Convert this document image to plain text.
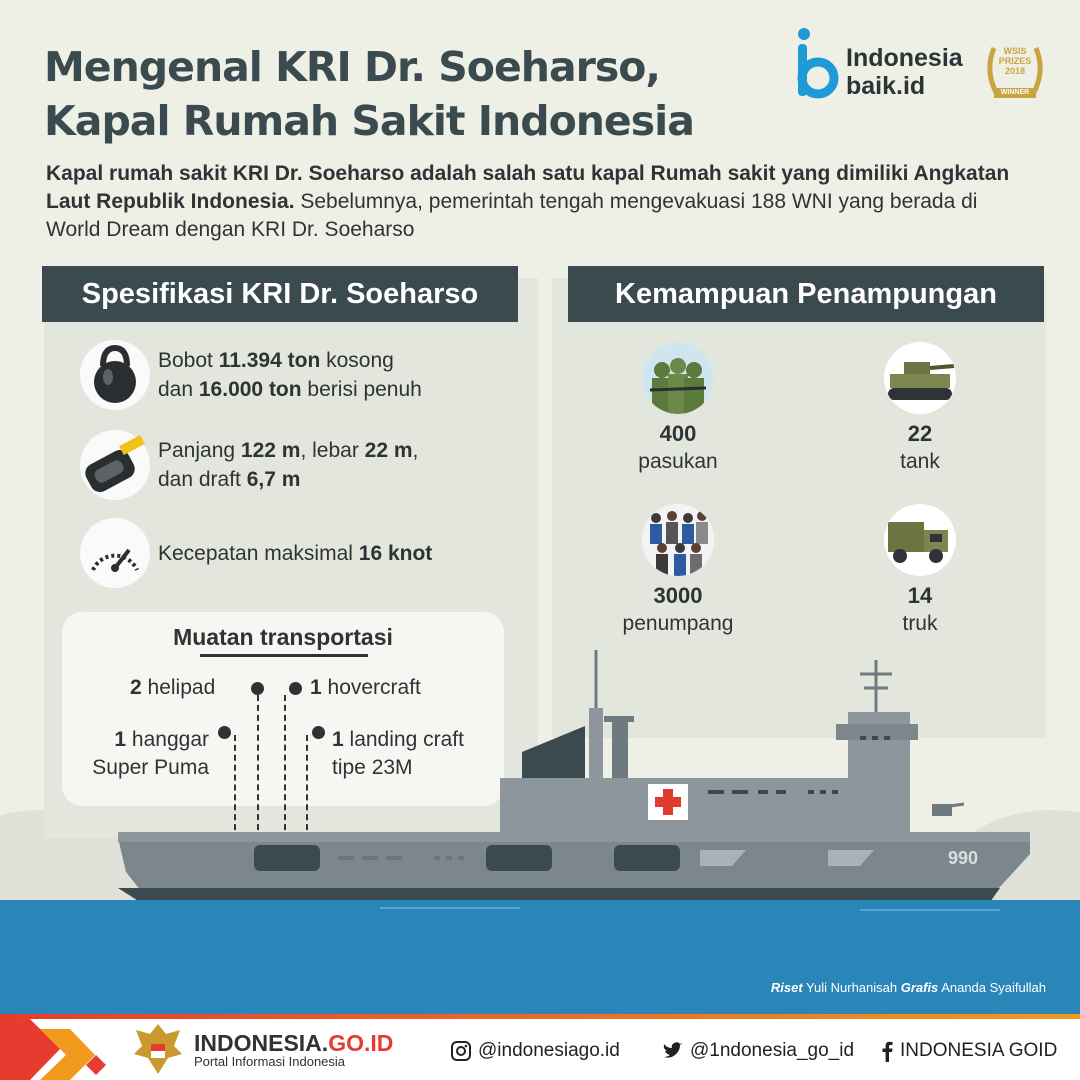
Mengenal KRI Dr. Soeharso,
Kapal Rumah Sakit Indonesia
Indonesia
baik.id
WSIS
PRIZES
2018
WINNER
Kapal rumah sakit KRI Dr. Soeharso adalah salah satu kapal Rumah sakit yang dimiliki Angkatan Laut Republik Indonesia. Sebelumnya, pemerintah tengah mengevakuasi 188 WNI yang berada di World Dream dengan KRI Dr. Soeharso
Spesifikasi KRI Dr. Soeharso	Kemampuan Penampungan
Bobot 11.394 ton kosong
dan 16.000 ton berisi penuh
Panjang 122 m, lebar 22 m,
dan draft 6,7 m
Kecepatan maksimal 16 knot
Muatan transportasi
2 helipad	1 hovercraft
1 hanggar
Super Puma
1 landing craft
tipe 23M
400
pasukan
22
tank
3000
penumpang
14
truk
990
Riset Yuli Nurhanisah Grafis Ananda Syaifullah
INDONESIA.GO.ID
Portal Informasi Indonesia
@indonesiago.id	@1ndonesia_go_id INDONESIA GOID
